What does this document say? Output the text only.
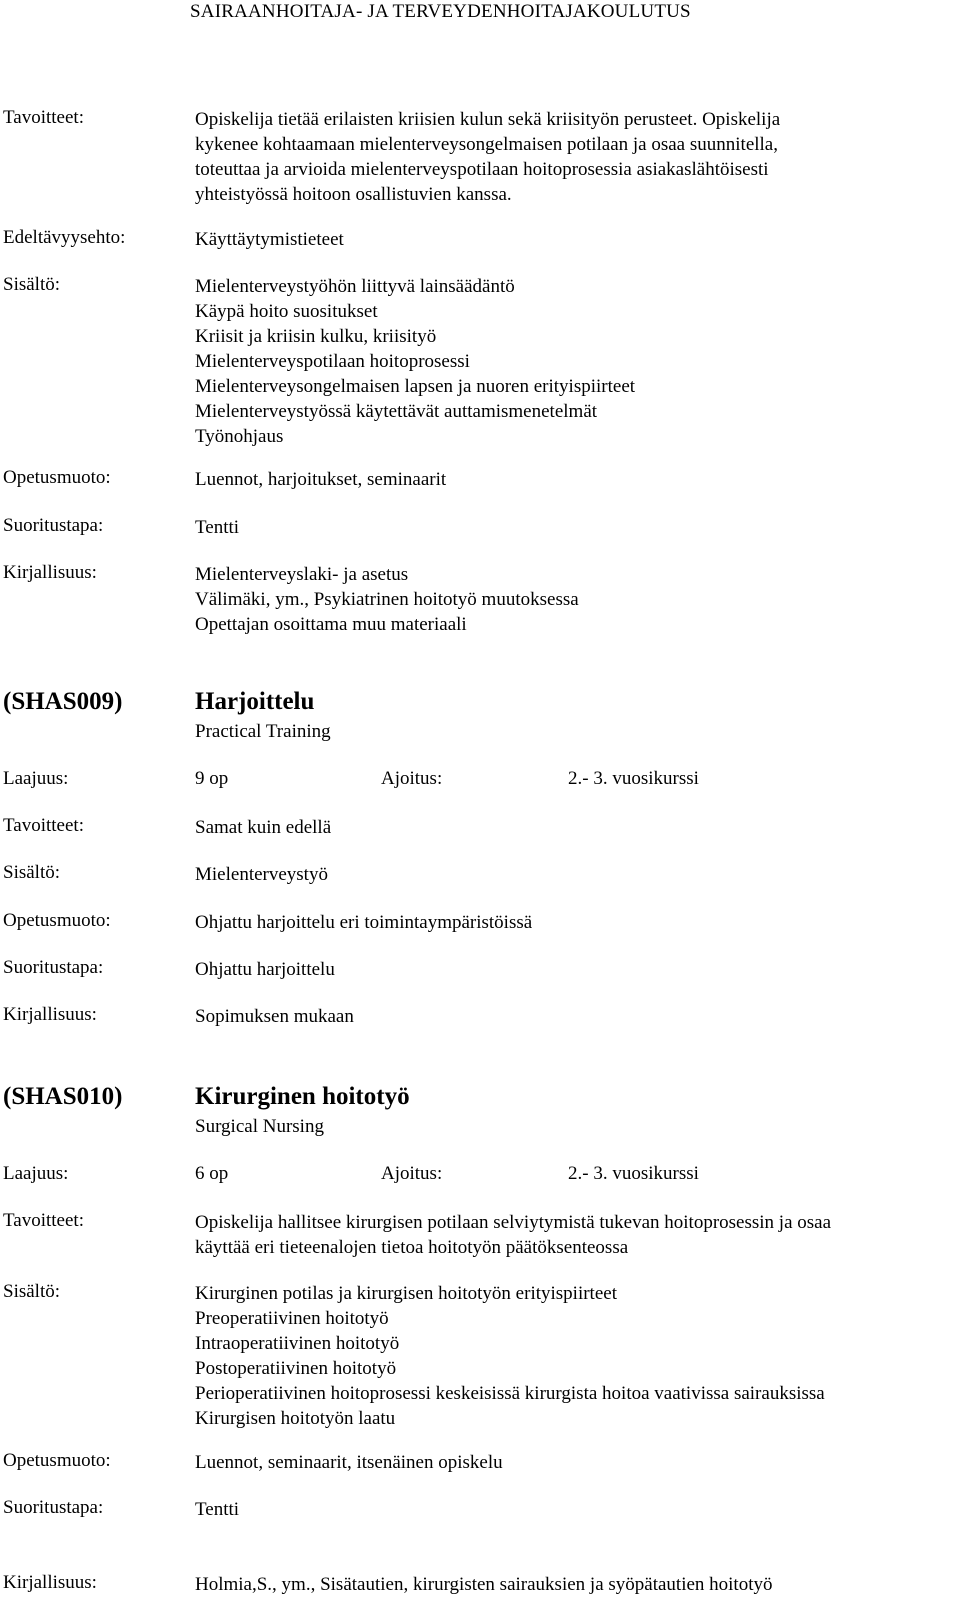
SAIRAANHOITAJA- JA TERVEYDENHOITAJAKOULUTUS
Tavoitteet:	Opiskelija tietää erilaisten kriisien kulun sekä kriisityön perusteet. Opiskelija
kykenee kohtaamaan mielenterveysongelmaisen potilaan ja osaa suunnitella,
toteuttaa ja arvioida mielenterveyspotilaan hoitoprosessia asiakaslähtöisesti
yhteistyössä hoitoon osallistuvien kanssa.
Edeltävyysehto:	Käyttäytymistieteet
Sisältö:	Mielenterveystyöhön liittyvä lainsäädäntö
Käypä hoito suositukset
Kriisit ja kriisin kulku, kriisityö
Mielenterveyspotilaan hoitoprosessi
Mielenterveysongelmaisen lapsen ja nuoren erityispiirteet
Mielenterveystyössä käytettävät auttamismenetelmät
Työnohjaus
Opetusmuoto:	Luennot, harjoitukset, seminaarit
Suoritustapa:	Tentti
Kirjallisuus:	Mielenterveyslaki- ja asetus
Välimäki, ym., Psykiatrinen hoitotyö muutoksessa
Opettajan osoittama muu materiaali
(SHAS009)	Harjoittelu
Practical Training
Laajuus:	9 op	Ajoitus:	2.- 3. vuosikurssi
Tavoitteet:	Samat kuin edellä
Sisältö:	Mielenterveystyö
Opetusmuoto:	Ohjattu harjoittelu eri toimintaympäristöissä
Suoritustapa:	Ohjattu harjoittelu
Kirjallisuus:	Sopimuksen mukaan
(SHAS010)	Kirurginen hoitotyö
Surgical Nursing
Laajuus:	6 op	Ajoitus:	2.- 3. vuosikurssi
Tavoitteet:	Opiskelija hallitsee kirurgisen potilaan selviytymistä tukevan hoitoprosessin ja osaa
käyttää eri tieteenalojen tietoa hoitotyön päätöksenteossa
Sisältö:	Kirurginen potilas ja kirurgisen hoitotyön erityispiirteet
Preoperatiivinen hoitotyö
Intraoperatiivinen hoitotyö
Postoperatiivinen hoitotyö
Perioperatiivinen hoitoprosessi keskeisissä kirurgista hoitoa vaativissa sairauksissa
Kirurgisen hoitotyön laatu
Opetusmuoto:	Luennot, seminaarit, itsenäinen opiskelu
Suoritustapa:	Tentti
Kirjallisuus:	Holmia,S., ym., Sisätautien, kirurgisten sairauksien ja syöpätautien hoitotyö
